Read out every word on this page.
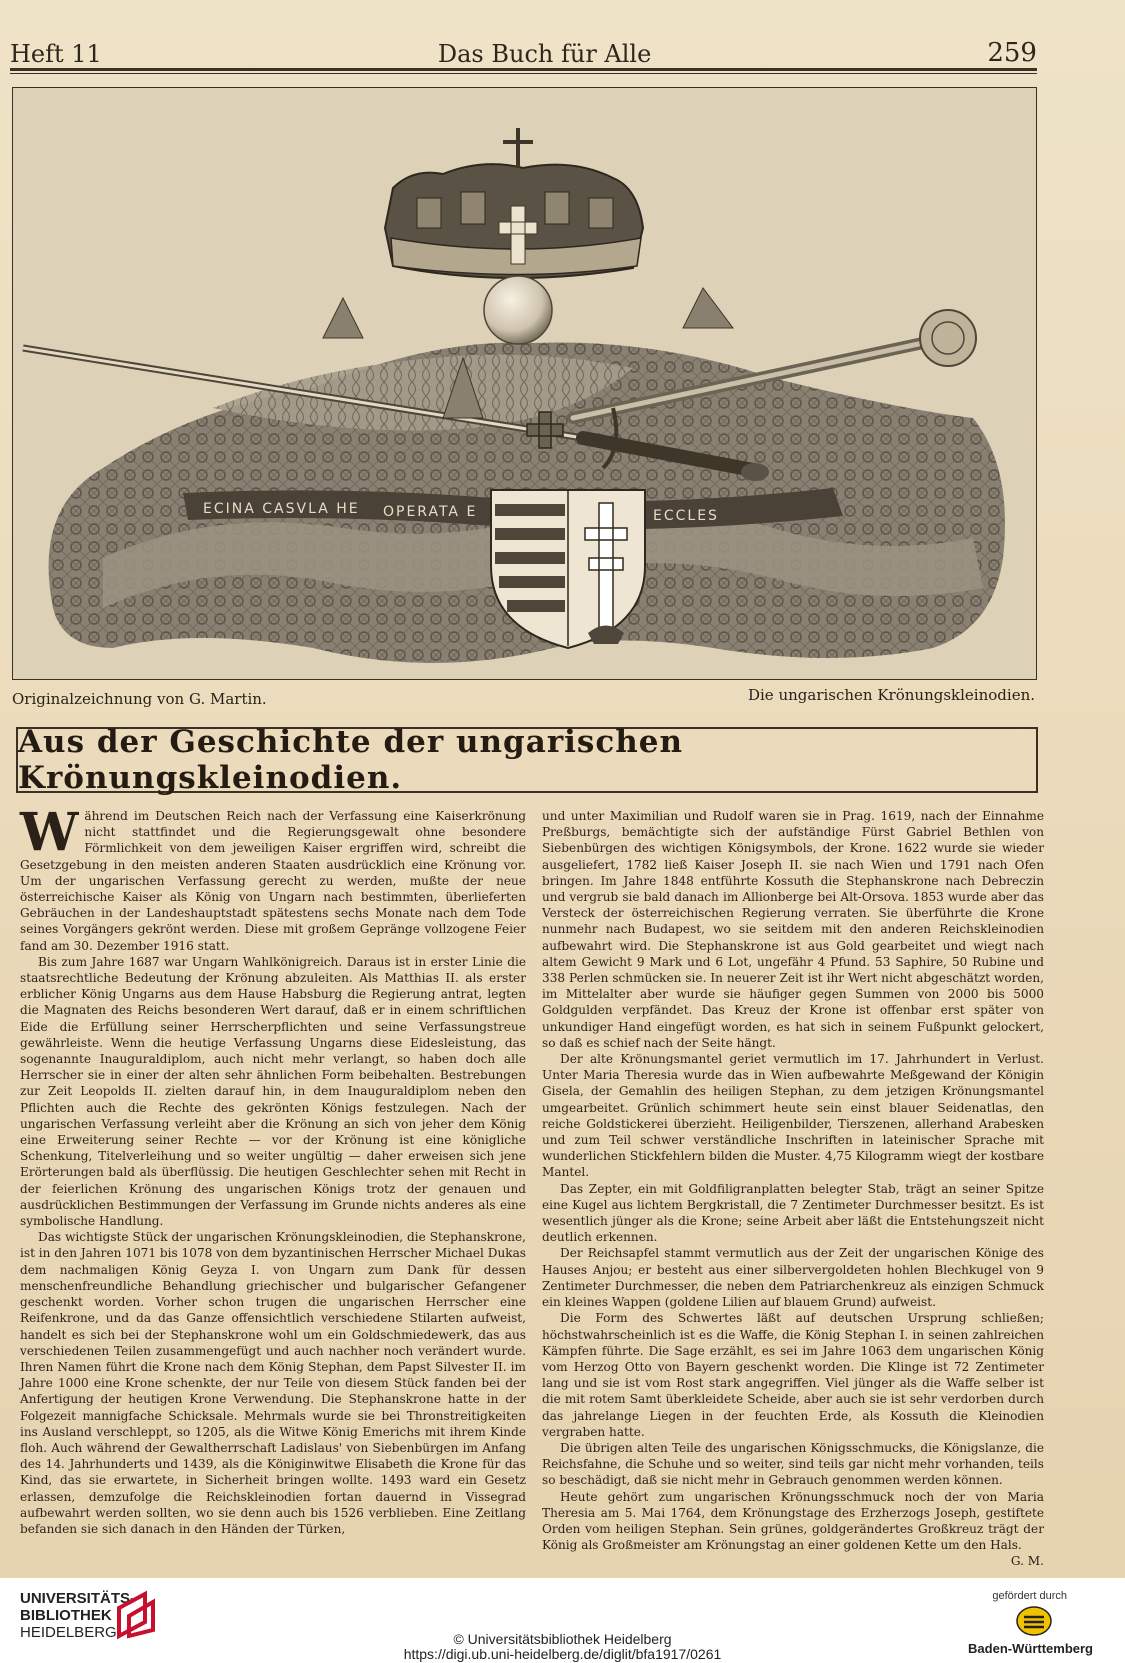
Heft 11	Das Buch für Alle	259
ECINA CASVLA HE OPERATA E	ECCLES
Originalzeichnung von G. Martin.	Die ungarischen Krönungskleinodien.
Aus der Geschichte der ungarischen Krönungskleinodien.

Während im Deutschen Reich nach der Verfassung eine Kaiserkrönung nicht stattfindet und die Regierungsgewalt ohne besondere Förmlichkeit von dem jeweiligen Kaiser ergriffen wird, schreibt die Gesetzgebung in den meisten anderen Staaten ausdrücklich eine Krönung vor. Um der ungarischen Verfassung gerecht zu werden, mußte der neue österreichische Kaiser als König von Ungarn nach bestimmten, überlieferten Gebräuchen in der Landeshauptstadt spätestens sechs Monate nach dem Tode seines Vorgängers gekrönt werden. Diese mit großem Gepränge vollzogene Feier fand am 30. Dezember 1916 statt.

Bis zum Jahre 1687 war Ungarn Wahlkönigreich. Daraus ist in erster Linie die staatsrechtliche Bedeutung der Krönung abzuleiten. Als Matthias II. als erster erblicher König Ungarns aus dem Hause Habsburg die Regierung antrat, legten die Magnaten des Reichs besonderen Wert darauf, daß er in einem schriftlichen Eide die Erfüllung seiner Herrscherpflichten und seine Verfassungstreue gewährleiste. Wenn die heutige Verfassung Ungarns diese Eidesleistung, das sogenannte Inauguraldiplom, auch nicht mehr verlangt, so haben doch alle Herrscher sie in einer der alten sehr ähnlichen Form beibehalten. Bestrebungen zur Zeit Leopolds II. zielten darauf hin, in dem Inauguraldiplom neben den Pflichten auch die Rechte des gekrönten Königs festzulegen. Nach der ungarischen Verfassung verleiht aber die Krönung an sich von jeher dem König eine Erweiterung seiner Rechte — vor der Krönung ist eine königliche Schenkung, Titelverleihung und so weiter ungültig — daher erweisen sich jene Erörterungen bald als überflüssig. Die heutigen Geschlechter sehen mit Recht in der feierlichen Krönung des ungarischen Königs trotz der genauen und ausdrücklichen Bestimmungen der Verfassung im Grunde nichts anderes als eine symbolische Handlung.

Das wichtigste Stück der ungarischen Krönungskleinodien, die Stephanskrone, ist in den Jahren 1071 bis 1078 von dem byzantinischen Herrscher Michael Dukas dem nachmaligen König Geyza I. von Ungarn zum Dank für dessen menschenfreundliche Behandlung griechischer und bulgarischer Gefangener geschenkt worden. Vorher schon trugen die ungarischen Herrscher eine Reifenkrone, und da das Ganze offensichtlich verschiedene Stilarten aufweist, handelt es sich bei der Stephanskrone wohl um ein Goldschmiedewerk, das aus verschiedenen Teilen zusammengefügt und auch nachher noch verändert wurde. Ihren Namen führt die Krone nach dem König Stephan, dem Papst Silvester II. im Jahre 1000 eine Krone schenkte, der nur Teile von diesem Stück fanden bei der Anfertigung der heutigen Krone Verwendung. Die Stephanskrone hatte in der Folgezeit mannigfache Schicksale. Mehrmals wurde sie bei Thronstreitigkeiten ins Ausland verschleppt, so 1205, als die Witwe König Emerichs mit ihrem Kinde floh. Auch während der Gewaltherrschaft Ladislaus' von Siebenbürgen im Anfang des 14. Jahrhunderts und 1439, als die Königinwitwe Elisabeth die Krone für das Kind, das sie erwartete, in Sicherheit bringen wollte. 1493 ward ein Gesetz erlassen, demzufolge die Reichskleinodien fortan dauernd in Vissegrad aufbewahrt werden sollten, wo sie denn auch bis 1526 verblieben. Eine Zeitlang befanden sie sich danach in den Händen der Türken,

und unter Maximilian und Rudolf waren sie in Prag. 1619, nach der Einnahme Preßburgs, bemächtigte sich der aufständige Fürst Gabriel Bethlen von Siebenbürgen des wichtigen Königsymbols, der Krone. 1622 wurde sie wieder ausgeliefert, 1782 ließ Kaiser Joseph II. sie nach Wien und 1791 nach Ofen bringen. Im Jahre 1848 entführte Kossuth die Stephanskrone nach Debreczin und vergrub sie bald danach im Allionberge bei Alt-Orsova. 1853 wurde aber das Versteck der österreichischen Regierung verraten. Sie überführte die Krone nunmehr nach Budapest, wo sie seitdem mit den anderen Reichskleinodien aufbewahrt wird. Die Stephanskrone ist aus Gold gearbeitet und wiegt nach altem Gewicht 9 Mark und 6 Lot, ungefähr 4 Pfund. 53 Saphire, 50 Rubine und 338 Perlen schmücken sie. In neuerer Zeit ist ihr Wert nicht abgeschätzt worden, im Mittelalter aber wurde sie häufiger gegen Summen von 2000 bis 5000 Goldgulden verpfändet. Das Kreuz der Krone ist offenbar erst später von unkundiger Hand eingefügt worden, es hat sich in seinem Fußpunkt gelockert, so daß es schief nach der Seite hängt.

Der alte Krönungsmantel geriet vermutlich im 17. Jahrhundert in Verlust. Unter Maria Theresia wurde das in Wien aufbewahrte Meßgewand der Königin Gisela, der Gemahlin des heiligen Stephan, zu dem jetzigen Krönungsmantel umgearbeitet. Grünlich schimmert heute sein einst blauer Seidenatlas, den reiche Goldstickerei überzieht. Heiligenbilder, Tierszenen, allerhand Arabesken und zum Teil schwer verständliche Inschriften in lateinischer Sprache mit wunderlichen Stickfehlern bilden die Muster. 4,75 Kilogramm wiegt der kostbare Mantel.

Das Zepter, ein mit Goldfiligranplatten belegter Stab, trägt an seiner Spitze eine Kugel aus lichtem Bergkristall, die 7 Zentimeter Durchmesser besitzt. Es ist wesentlich jünger als die Krone; seine Arbeit aber läßt die Entstehungszeit nicht deutlich erkennen.

Der Reichsapfel stammt vermutlich aus der Zeit der ungarischen Könige des Hauses Anjou; er besteht aus einer silbervergoldeten hohlen Blechkugel von 9 Zentimeter Durchmesser, die neben dem Patriarchenkreuz als einzigen Schmuck ein kleines Wappen (goldene Lilien auf blauem Grund) aufweist.

Die Form des Schwertes läßt auf deutschen Ursprung schließen; höchstwahrscheinlich ist es die Waffe, die König Stephan I. in seinen zahlreichen Kämpfen führte. Die Sage erzählt, es sei im Jahre 1063 dem ungarischen König vom Herzog Otto von Bayern geschenkt worden. Die Klinge ist 72 Zentimeter lang und sie ist vom Rost stark angegriffen. Viel jünger als die Waffe selber ist die mit rotem Samt überkleidete Scheide, aber auch sie ist sehr verdorben durch das jahrelange Liegen in der feuchten Erde, als Kossuth die Kleinodien vergraben hatte.

Die übrigen alten Teile des ungarischen Königsschmucks, die Königslanze, die Reichsfahne, die Schuhe und so weiter, sind teils gar nicht mehr vorhanden, teils so beschädigt, daß sie nicht mehr in Gebrauch genommen werden können.

Heute gehört zum ungarischen Krönungsschmuck noch der von Maria Theresia am 5. Mai 1764, dem Krönungstage des Erzherzogs Joseph, gestiftete Orden vom heiligen Stephan. Sein grünes, goldgerändertes Großkreuz trägt der König als Großmeister am Krönungstag an einer goldenen Kette um den Hals.
G. M.

UNIVERSITÄTS-
BIBLIOTHEK
HEIDELBERG	© Universitätsbibliothek Heidelberg
https://digi.ub.uni-heidelberg.de/diglit/bfa1917/0261
gefördert durch
Baden-Württemberg
